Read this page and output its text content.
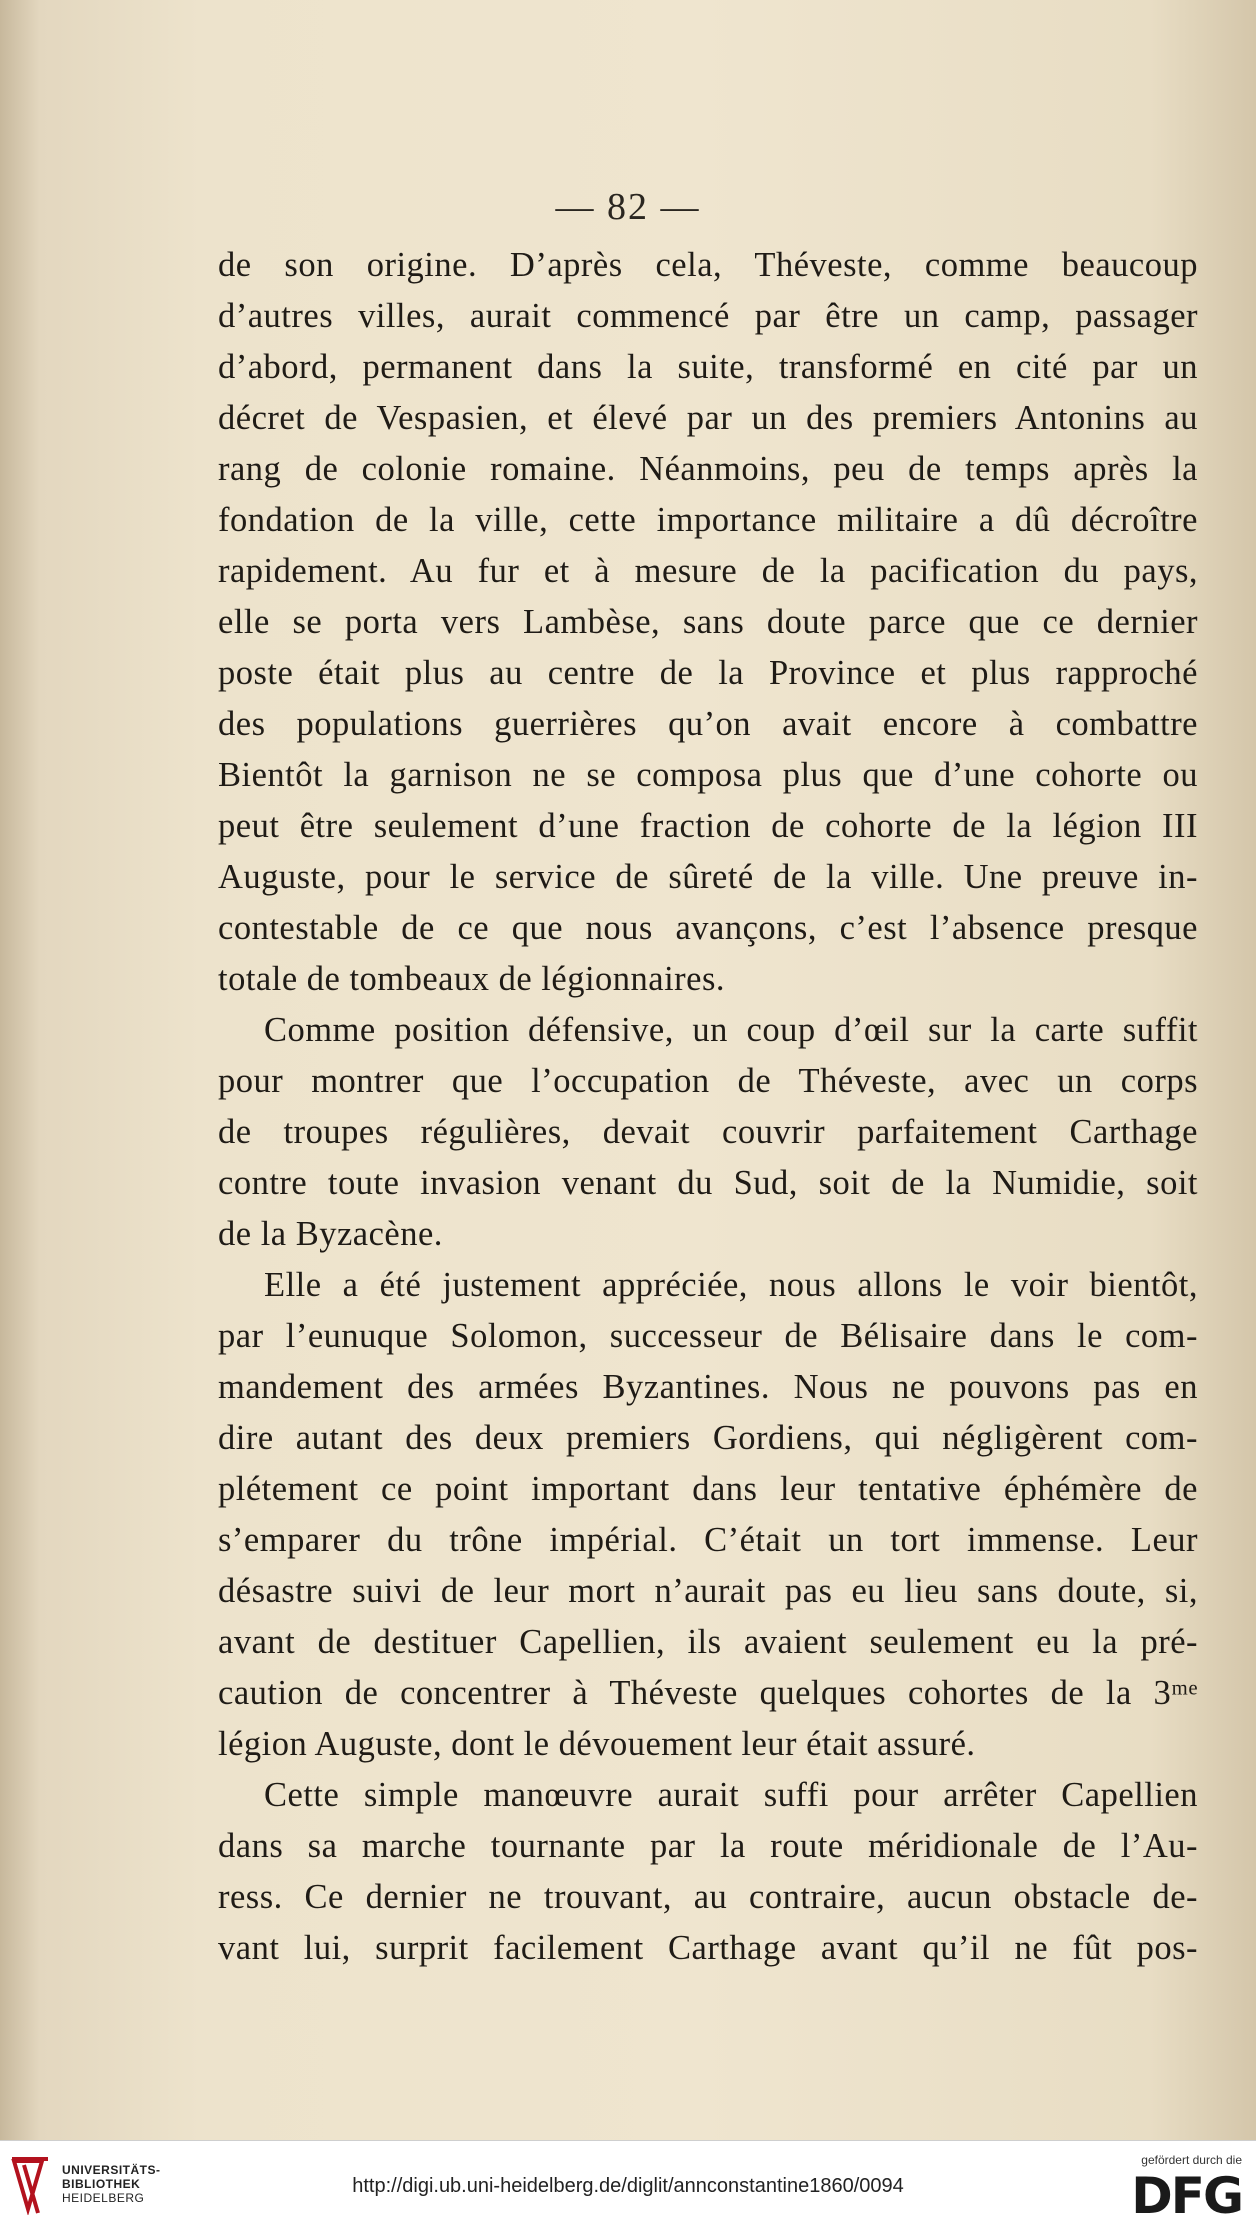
— 82 —
de son origine. D’après cela, Théveste, comme beaucoup
d’autres villes, aurait commencé par être un camp, passager
d’abord, permanent dans la suite, transformé en cité par un
décret de Vespasien, et élevé par un des premiers Antonins au
rang de colonie romaine. Néanmoins, peu de temps après la
fondation de la ville, cette importance militaire a dû décroître
rapidement. Au fur et à mesure de la pacification du pays,
elle se porta vers Lambèse, sans doute parce que ce dernier
poste était plus au centre de la Province et plus rapproché
des populations guerrières qu’on avait encore à combattre
Bientôt la garnison ne se composa plus que d’une cohorte ou
peut être seulement d’une fraction de cohorte de la légion III
Auguste, pour le service de sûreté de la ville. Une preuve in-
contestable de ce que nous avançons, c’est l’absence presque
totale de tombeaux de légionnaires.
Comme position défensive, un coup d’œil sur la carte suffit
pour montrer que l’occupation de Théveste, avec un corps
de troupes régulières, devait couvrir parfaitement Carthage
contre toute invasion venant du Sud, soit de la Numidie, soit
de la Byzacène.
Elle a été justement appréciée, nous allons le voir bientôt,
par l’eunuque Solomon, successeur de Bélisaire dans le com-
mandement des armées Byzantines. Nous ne pouvons pas en
dire autant des deux premiers Gordiens, qui négligèrent com-
plétement ce point important dans leur tentative éphémère de
s’emparer du trône impérial. C’était un tort immense. Leur
désastre suivi de leur mort n’aurait pas eu lieu sans doute, si,
avant de destituer Capellien, ils avaient seulement eu la pré-
caution de concentrer à Théveste quelques cohortes de la 3ᵐᵉ
légion Auguste, dont le dévouement leur était assuré.
Cette simple manœuvre aurait suffi pour arrêter Capellien
dans sa marche tournante par la route méridionale de l’Au-
ress. Ce dernier ne trouvant, au contraire, aucun obstacle de-
vant lui, surprit facilement Carthage avant qu’il ne fût pos-
UNIVERSITÄTS-
BIBLIOTHEK
HEIDELBERG
http://digi.ub.uni-heidelberg.de/diglit/annconstantine1860/0094
gefördert durch die
DFG
